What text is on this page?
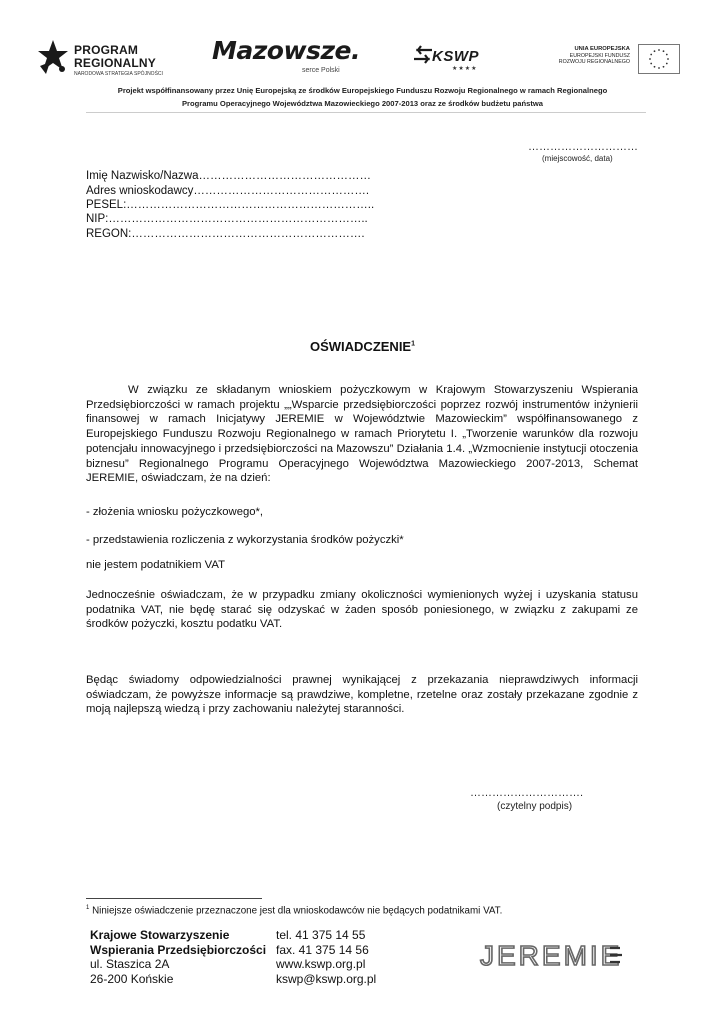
PROGRAM
REGIONALNY
NARODOWA STRATEGIA SPÓJNOŚCI
Mazowsze.
serce Polski
KSWP
★★★★
UNIA EUROPEJSKA
EUROPEJSKI FUNDUSZ
ROZWOJU REGIONALNEGO
Projekt współfinansowany przez Unię Europejską ze środków Europejskiego Funduszu Rozwoju Regionalnego w ramach Regionalnego
Programu Operacyjnego Województwa Mazowieckiego 2007-2013 oraz ze środków budżetu państwa
…………………………
(miejscowość, data)
Imię Nazwisko/Nazwa………………………………………
Adres wnioskodawcy……………………………………….
PESEL:………………………………………………………..
NIP:…………………………………………………………..
REGON:…………………………………………………….
OŚWIADCZENIE$^1$
W związku ze składanym wnioskiem pożyczkowym w Krajowym Stowarzyszeniu Wspierania Przedsiębiorczości w ramach projektu „„Wsparcie przedsiębiorczości poprzez rozwój instrumentów inżynierii finansowej w ramach Inicjatywy JEREMIE w Województwie Mazowieckim” współfinansowanego z Europejskiego Funduszu Rozwoju Regionalnego w ramach Priorytetu I. „Tworzenie warunków dla rozwoju potencjału innowacyjnego i przedsiębiorczości na Mazowszu” Działania 1.4. „Wzmocnienie instytucji otoczenia biznesu” Regionalnego Programu Operacyjnego Województwa Mazowieckiego 2007-2013, Schemat JEREMIE, oświadczam, że na dzień:
- złożenia wniosku pożyczkowego*,
- przedstawienia rozliczenia z wykorzystania środków pożyczki*
nie jestem podatnikiem VAT
Jednocześnie oświadczam, że w przypadku zmiany okoliczności wymienionych wyżej i uzyskania statusu podatnika VAT, nie będę starać się odzyskać w żaden sposób poniesionego, w związku z zakupami ze środków pożyczki, kosztu podatku VAT.
Będąc świadomy odpowiedzialności prawnej wynikającej z przekazania nieprawdziwych informacji oświadczam, że powyższe informacje są prawdziwe, kompletne, rzetelne oraz zostały przekazane zgodnie z moją najlepszą wiedzą i przy zachowaniu należytej staranności.
………………………….
(czytelny podpis)
$^1$ Niniejsze oświadczenie przeznaczone jest dla wnioskodawców nie będących podatnikami VAT.
Krajowe Stowarzyszenie
Wspierania Przedsiębiorczości
ul. Staszica 2A
26-200 Końskie
tel. 41 375 14 55
fax. 41 375 14 56
www.kswp.org.pl
kswp@kswp.org.pl
JEREMIE
